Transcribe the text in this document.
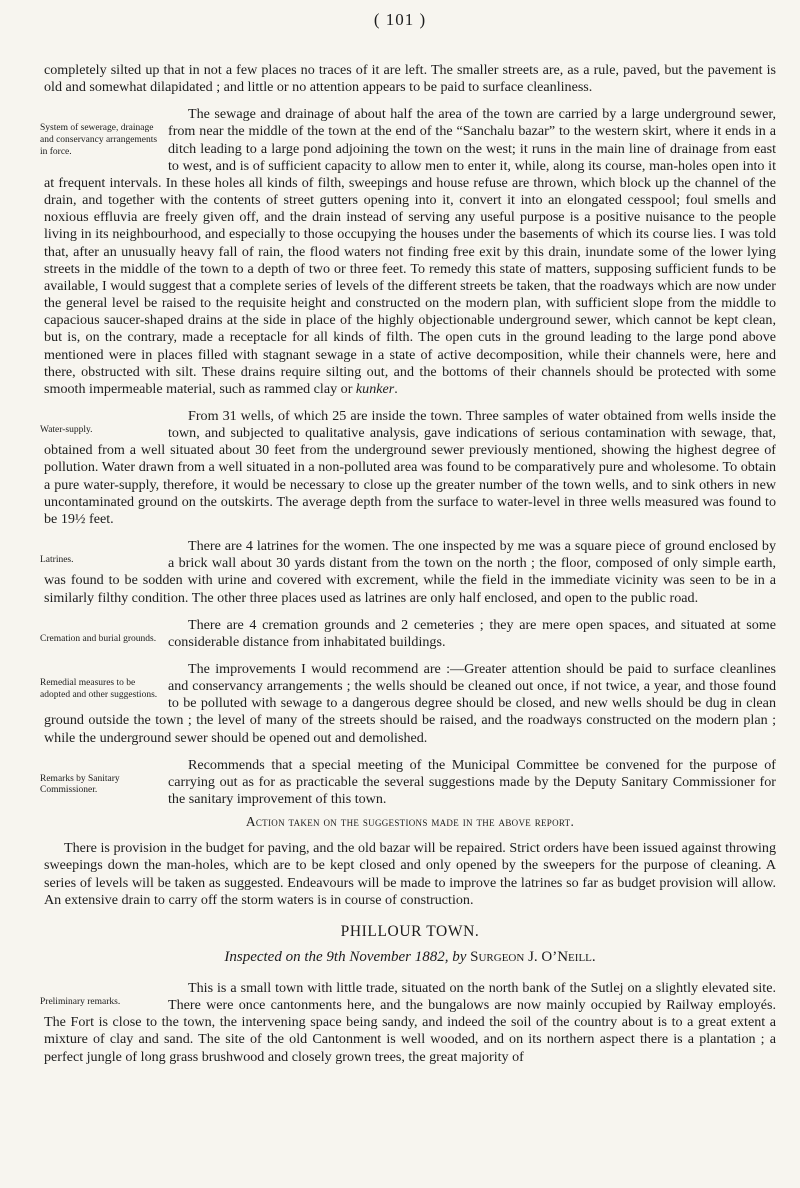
( 101 )

completely silted up that in not a few places no traces of it are left. The smaller streets are, as a rule, paved, but the pavement is old and somewhat dilapidated ; and little or no attention appears to be paid to surface cleanliness.

System of sewerage, drainage and conservancy arrangements in force.

The sewage and drainage of about half the area of the town are carried by a large underground sewer, from near the middle of the town at the end of the “Sanchalu bazar” to the western skirt, where it ends in a ditch leading to a large pond adjoining the town on the west; it runs in the main line of drainage from east to west, and is of sufficient capacity to allow men to enter it, while, along its course, man-holes open into it at frequent intervals. In these holes all kinds of filth, sweepings and house refuse are thrown, which block up the channel of the drain, and together with the contents of street gutters opening into it, convert it into an elongated cesspool; foul smells and noxious effluvia are freely given off, and the drain instead of serving any useful purpose is a positive nuisance to the people living in its neighbourhood, and especially to those occupying the houses under the basements of which its course lies. I was told that, after an unusually heavy fall of rain, the flood waters not finding free exit by this drain, inundate some of the lower lying streets in the middle of the town to a depth of two or three feet. To remedy this state of matters, supposing sufficient funds to be available, I would suggest that a complete series of levels of the different streets be taken, that the roadways which are now under the general level be raised to the requisite height and constructed on the modern plan, with sufficient slope from the middle to capacious saucer-shaped drains at the side in place of the highly objectionable underground sewer, which cannot be kept clean, but is, on the contrary, made a receptacle for all kinds of filth. The open cuts in the ground leading to the large pond above mentioned were in places filled with stagnant sewage in a state of active decomposition, while their channels were, here and there, obstructed with silt. These drains require silting out, and the bottoms of their channels should be protected with some smooth impermeable material, such as rammed clay or kunker.

Water-supply.

From 31 wells, of which 25 are inside the town. Three samples of water obtained from wells inside the town, and subjected to qualitative analysis, gave indications of serious contamination with sewage, that, obtained from a well situated about 30 feet from the underground sewer previously mentioned, showing the highest degree of pollution. Water drawn from a well situated in a non-polluted area was found to be comparatively pure and wholesome. To obtain a pure water-supply, therefore, it would be necessary to close up the greater number of the town wells, and to sink others in new uncontaminated ground on the outskirts. The average depth from the surface to water-level in three wells measured was found to be 19½ feet.

Latrines.

There are 4 latrines for the women. The one inspected by me was a square piece of ground enclosed by a brick wall about 30 yards distant from the town on the north ; the floor, composed of only simple earth, was found to be sodden with urine and covered with excrement, while the field in the immediate vicinity was seen to be in a similarly filthy condition. The other three places used as latrines are only half enclosed, and open to the public road.

Cremation and burial grounds.

There are 4 cremation grounds and 2 cemeteries ; they are mere open spaces, and situated at some considerable distance from inhabitated buildings.

Remedial measures to be adopted and other suggestions.

The improvements I would recommend are :—Greater attention should be paid to surface cleanlines and conservancy arrangements ; the wells should be cleaned out once, if not twice, a year, and those found to be polluted with sewage to a dangerous degree should be closed, and new wells should be dug in clean ground outside the town ; the level of many of the streets should be raised, and the roadways constructed on the modern plan ; while the underground sewer should be opened out and demolished.

Remarks by Sanitary Commissioner.

Recommends that a special meeting of the Municipal Committee be convened for the purpose of carrying out as for as practicable the several suggestions made by the Deputy Sanitary Commissioner for the sanitary improvement of this town.

Action taken on the suggestions made in the above report.

There is provision in the budget for paving, and the old bazar will be repaired. Strict orders have been issued against throwing sweepings down the man-holes, which are to be kept closed and only opened by the sweepers for the purpose of cleaning. A series of levels will be taken as suggested. Endeavours will be made to improve the latrines so far as budget provision will allow. An extensive drain to carry off the storm waters is in course of construction.

PHILLOUR TOWN.
Inspected on the 9th November 1882, by Surgeon J. O’Neill.
Preliminary remarks.

This is a small town with little trade, situated on the north bank of the Sutlej on a slightly elevated site. There were once cantonments here, and the bungalows are now mainly occupied by Railway employés. The Fort is close to the town, the intervening space being sandy, and indeed the soil of the country about is to a great extent a mixture of clay and sand. The site of the old Cantonment is well wooded, and on its northern aspect there is a plantation ; a perfect jungle of long grass brushwood and closely grown trees, the great majority of
